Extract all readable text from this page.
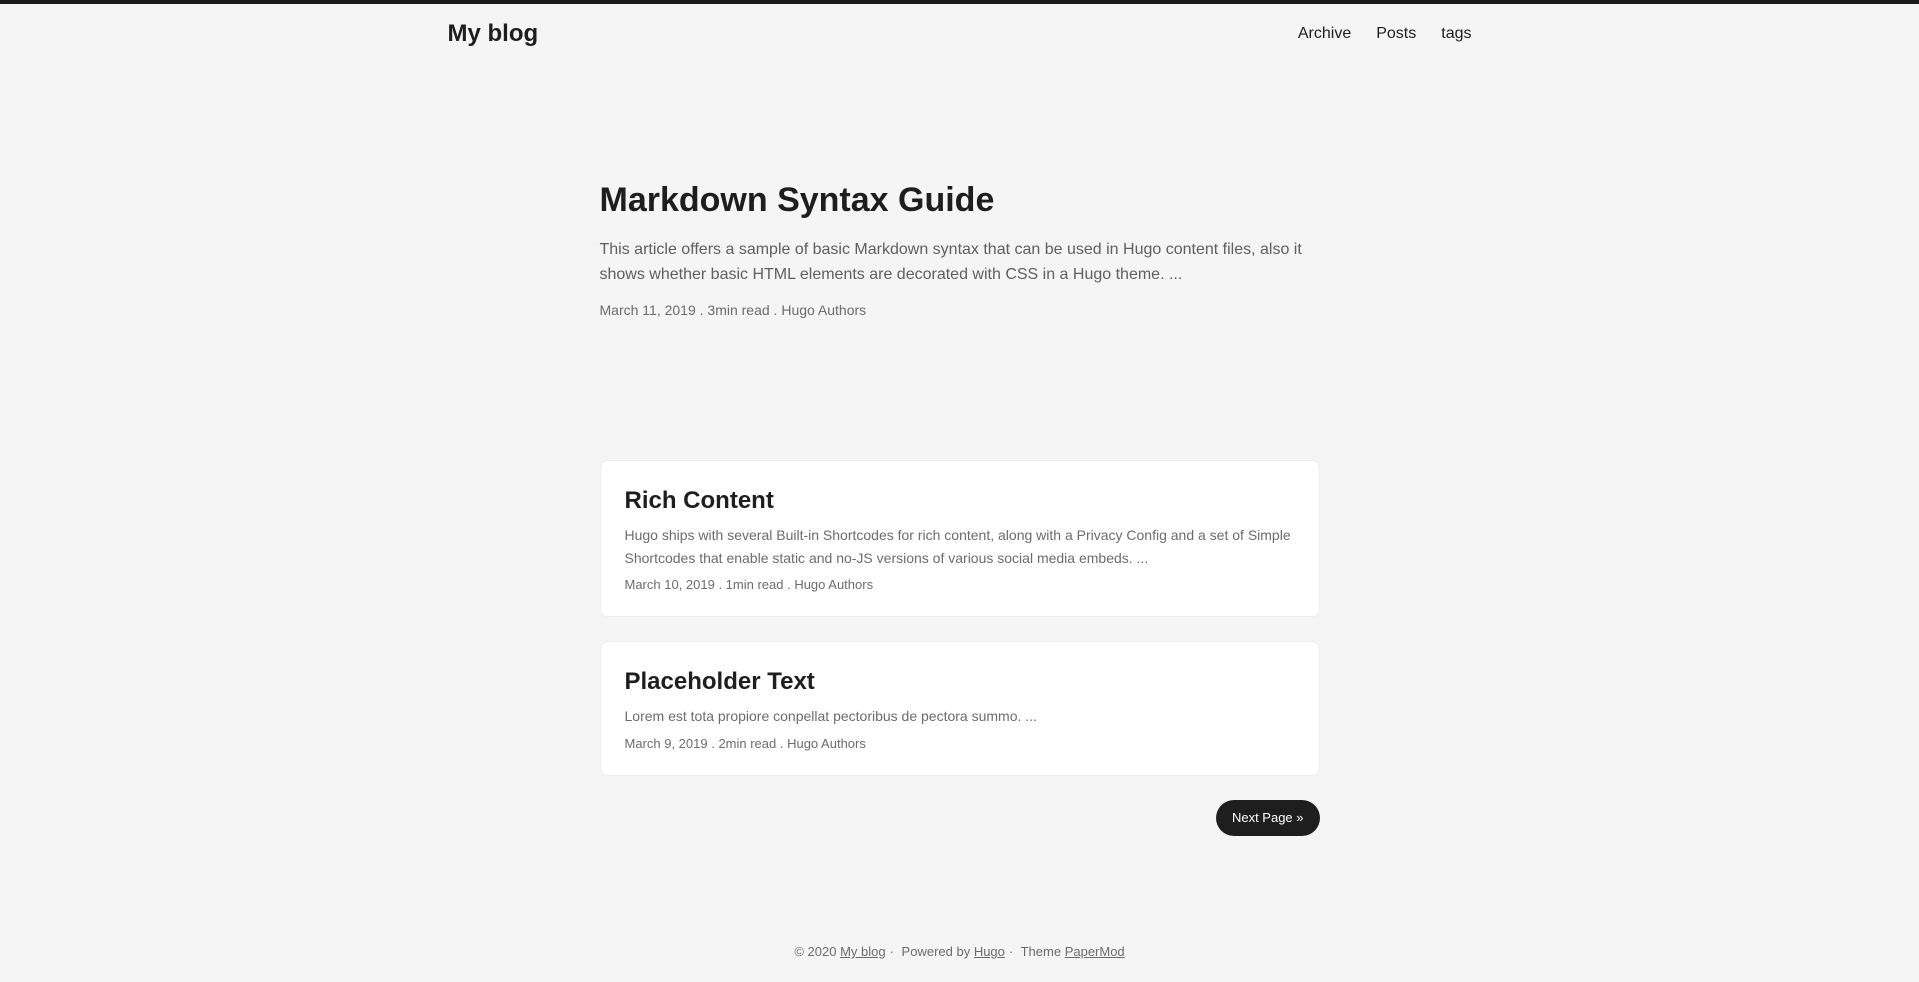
My blog	Archive Posts tags
Markdown Syntax Guide
This article offers a sample of basic Markdown syntax that can be used in Hugo content files, also it shows whether basic HTML elements are decorated with CSS in a Hugo theme. ...
March 11, 2019 . 3min read . Hugo Authors
Rich Content
Hugo ships with several Built-in Shortcodes for rich content, along with a Privacy Config and a set of Simple Shortcodes that enable static and no-JS versions of various social media embeds. ...
March 10, 2019 . 1min read . Hugo Authors
Placeholder Text
Lorem est tota propiore conpellat pectoribus de pectora summo. ...
March 9, 2019 . 2min read . Hugo Authors
Next Page »
© 2020 My blog · Powered by Hugo · Theme PaperMod
